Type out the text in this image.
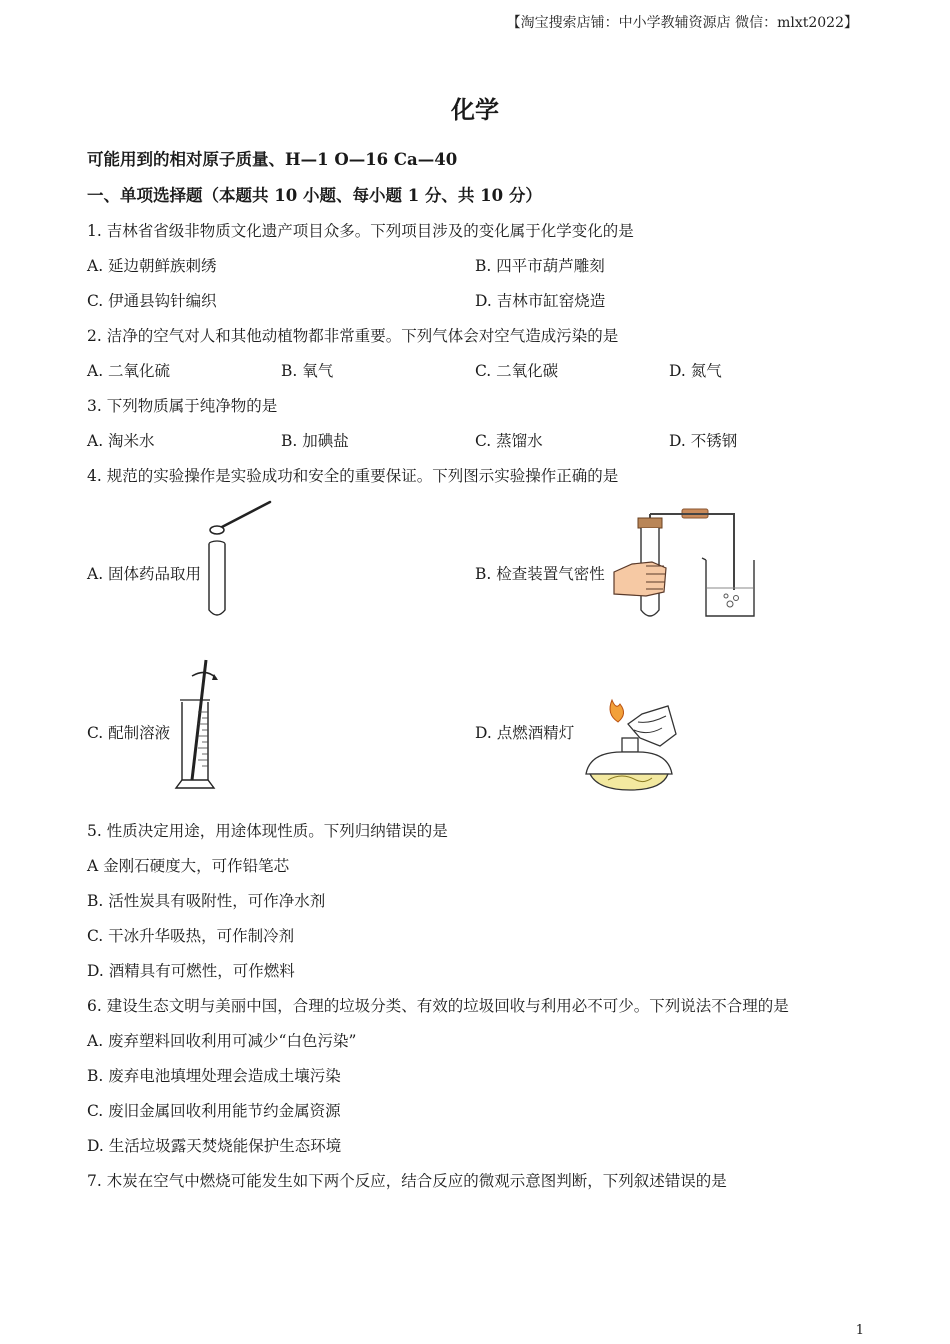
【淘宝搜索店铺：中小学教辅资源店 微信：mlxt2022】
化学
可能用到的相对原子质量、H—1 O—16 Ca—40
一、单项选择题（本题共 10 小题、每小题 1 分、共 10 分）
1. 吉林省省级非物质文化遗产项目众多。下列项目涉及的变化属于化学变化的是
A. 延边朝鲜族刺绣	B. 四平市葫芦雕刻
C. 伊通县钩针编织	D. 吉林市缸窑烧造
2. 洁净的空气对人和其他动植物都非常重要。下列气体会对空气造成污染的是
A. 二氧化硫	B. 氧气	C. 二氧化碳	D. 氮气
3. 下列物质属于纯净物的是
A. 淘米水	B. 加碘盐	C. 蒸馏水	D. 不锈钢
4. 规范的实验操作是实验成功和安全的重要保证。下列图示实验操作正确的是
A. 固体药品取用	B. 检查装置气密性
C. 配制溶液	D. 点燃酒精灯
5. 性质决定用途，用途体现性质。下列归纳错误的是
A 金刚石硬度大，可作铅笔芯
B. 活性炭具有吸附性，可作净水剂
C. 干冰升华吸热，可作制冷剂
D. 酒精具有可燃性，可作燃料
6. 建设生态文明与美丽中国，合理的垃圾分类、有效的垃圾回收与利用必不可少。下列说法不合理的是
A. 废弃塑料回收利用可减少“白色污染”
B. 废弃电池填埋处理会造成土壤污染
C. 废旧金属回收利用能节约金属资源
D. 生活垃圾露天焚烧能保护生态环境
7. 木炭在空气中燃烧可能发生如下两个反应，结合反应的微观示意图判断，下列叙述错误的是
1
